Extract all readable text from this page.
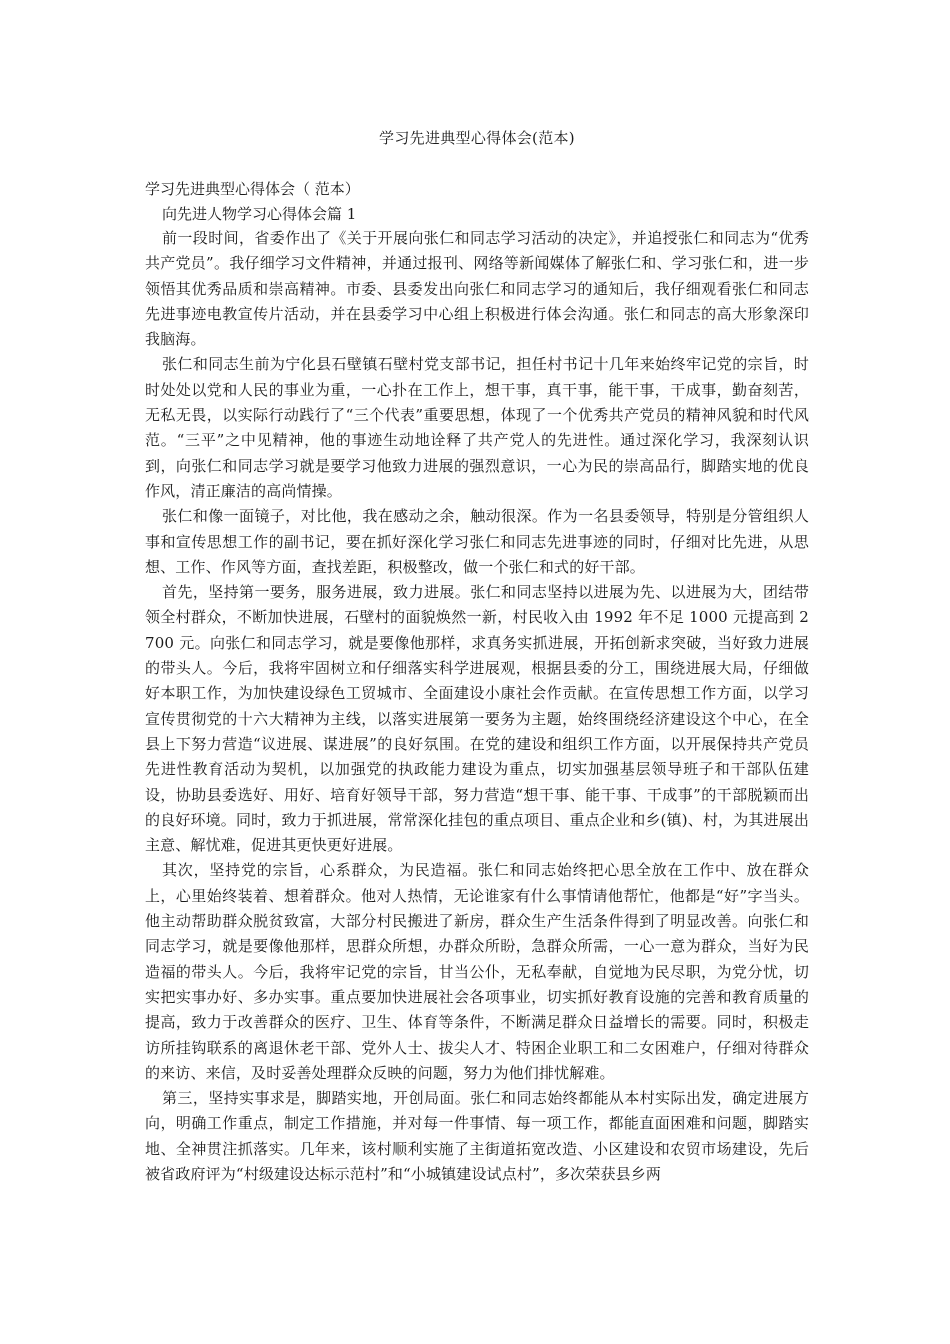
学习先进典型心得体会(范本)
学习先进典型心得体会（ 范本）
向先进人物学习心得体会篇 1

前一段时间，省委作出了《关于开展向张仁和同志学习活动的决定》，并追授张仁和同志为“优秀共产党员”。我仔细学习文件精神，并通过报刊、网络等新闻媒体了解张仁和、学习张仁和，进一步领悟其优秀品质和崇高精神。市委、县委发出向张仁和同志学习的通知后，我仔细观看张仁和同志先进事迹电教宣传片活动，并在县委学习中心组上积极进行体会沟通。张仁和同志的高大形象深印我脑海。

张仁和同志生前为宁化县石壁镇石壁村党支部书记，担任村书记十几年来始终牢记党的宗旨，时时处处以党和人民的事业为重，一心扑在工作上，想干事，真干事，能干事，干成事，勤奋刻苦，无私无畏，以实际行动践行了“三个代表”重要思想，体现了一个优秀共产党员的精神风貌和时代风范。“三平”之中见精神，他的事迹生动地诠释了共产党人的先进性。通过深化学习，我深刻认识到，向张仁和同志学习就是要学习他致力进展的强烈意识，一心为民的崇高品行，脚踏实地的优良作风，清正廉洁的高尚情操。

张仁和像一面镜子，对比他，我在感动之余，触动很深。作为一名县委领导，特别是分管组织人事和宣传思想工作的副书记，要在抓好深化学习张仁和同志先进事迹的同时，仔细对比先进，从思想、工作、作风等方面，查找差距，积极整改，做一个张仁和式的好干部。

首先，坚持第一要务，服务进展，致力进展。张仁和同志坚持以进展为先、以进展为大，团结带领全村群众，不断加快进展，石壁村的面貌焕然一新，村民收入由 1992 年不足 1000 元提高到 2700 元。向张仁和同志学习，就是要像他那样，求真务实抓进展，开拓创新求突破，当好致力进展的带头人。今后，我将牢固树立和仔细落实科学进展观，根据县委的分工，围绕进展大局，仔细做好本职工作，为加快建设绿色工贸城市、全面建设小康社会作贡献。在宣传思想工作方面，以学习宣传贯彻党的十六大精神为主线，以落实进展第一要务为主题，始终围绕经济建设这个中心，在全县上下努力营造“议进展、谋进展”的良好氛围。在党的建设和组织工作方面，以开展保持共产党员先进性教育活动为契机，以加强党的执政能力建设为重点，切实加强基层领导班子和干部队伍建设，协助县委选好、用好、培育好领导干部，努力营造“想干事、能干事、干成事”的干部脱颖而出的良好环境。同时，致力于抓进展，常常深化挂包的重点项目、重点企业和乡(镇)、村，为其进展出主意、解忧难，促进其更快更好进展。

其次，坚持党的宗旨，心系群众，为民造福。张仁和同志始终把心思全放在工作中、放在群众上，心里始终装着、想着群众。他对人热情，无论谁家有什么事情请他帮忙，他都是“好”字当头。他主动帮助群众脱贫致富，大部分村民搬进了新房，群众生产生活条件得到了明显改善。向张仁和同志学习，就是要像他那样，思群众所想，办群众所盼，急群众所需，一心一意为群众，当好为民造福的带头人。今后，我将牢记党的宗旨，甘当公仆，无私奉献，自觉地为民尽职，为党分忧，切实把实事办好、多办实事。重点要加快进展社会各项事业，切实抓好教育设施的完善和教育质量的提高，致力于改善群众的医疗、卫生、体育等条件，不断满足群众日益增长的需要。同时，积极走访所挂钩联系的离退休老干部、党外人士、拔尖人才、特困企业职工和二女困难户，仔细对待群众的来访、来信，及时妥善处理群众反映的问题，努力为他们排忧解难。

第三，坚持实事求是，脚踏实地，开创局面。张仁和同志始终都能从本村实际出发，确定进展方向，明确工作重点，制定工作措施，并对每一件事情、每一项工作，都能直面困难和问题，脚踏实地、全神贯注抓落实。几年来，该村顺利实施了主街道拓宽改造、小区建设和农贸市场建设，先后被省政府评为“村级建设达标示范村”和“小城镇建设试点村”，多次荣获县乡两
